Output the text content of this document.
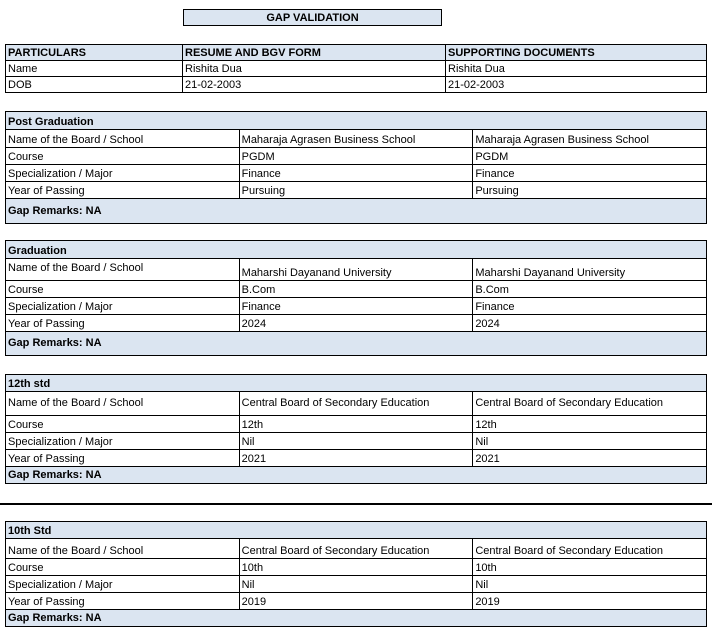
GAP VALIDATION
PARTICULARS	RESUME AND BGV FORM	SUPPORTING DOCUMENTS
Name	Rishita Dua	Rishita Dua
DOB	21-02-2003	21-02-2003
Post Graduation		
Name of the Board / School	Maharaja Agrasen Business School	Maharaja Agrasen Business School
Course	PGDM	PGDM
Specialization / Major	Finance	Finance
Year of Passing	Pursuing	Pursuing
Gap Remarks: NA		
Graduation		
Name of the Board / School	Maharshi Dayanand University	Maharshi Dayanand University
Course	B.Com	B.Com
Specialization / Major	Finance	Finance
Year of Passing	2024	2024
Gap Remarks: NA		
12th std		
Name of the Board / School	Central Board of Secondary Education	Central Board of Secondary Education
Course	12th	12th
Specialization / Major	Nil	Nil
Year of Passing	2021	2021
Gap Remarks: NA		
10th Std		
Name of the Board / School	Central Board of Secondary Education	Central Board of Secondary Education
Course	10th	10th
Specialization / Major	Nil	Nil
Year of Passing	2019	2019
Gap Remarks: NA		
